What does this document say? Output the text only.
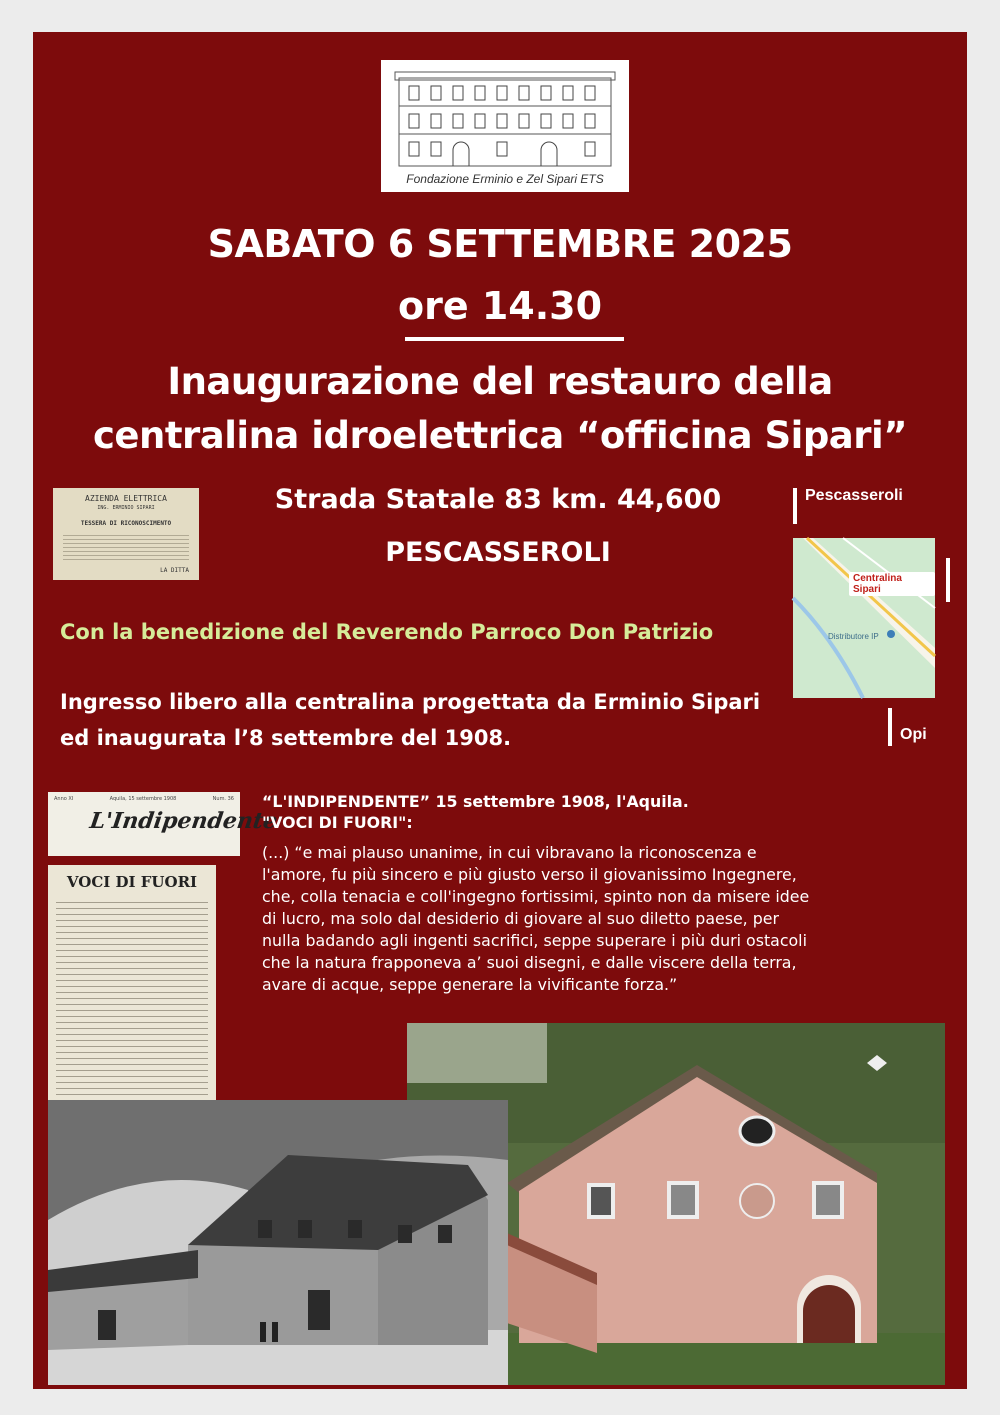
Fondazione Erminio e Zel Sipari ETS
SABATO 6 SETTEMBRE 2025
ore 14.30
Inaugurazione del restauro della
centralina idroelettrica “officina Sipari”
Strada Statale 83 km. 44,600
PESCASSEROLI
AZIENDA ELETTRICA
ING. ERMINIO SIPARI
TESSERA DI RICONOSCIMENTO
LA DITTA
Pescasseroli
Centralina Sipari
Distributore IP
Opi
Con la benedizione del Reverendo Parroco Don Patrizio
Ingresso libero alla centralina progettata da Erminio Sipari
ed inaugurata l’8 settembre del 1908.
Anno XI	Aquila, 15 settembre 1908	Num. 36
L'Indipendente
VOCI DI FUORI
“L'INDIPENDENTE” 15 settembre 1908, l'Aquila.
"VOCI DI FUORI":
(...) “e mai plauso unanime, in cui vibravano la riconoscenza e
l'amore, fu più sincero e più giusto verso il giovanissimo Ingegnere,
che, colla tenacia e coll'ingegno fortissimi, spinto non da misere idee
di lucro, ma solo dal desiderio di giovare al suo diletto paese, per
nulla badando agli ingenti sacrifici, seppe superare i più duri ostacoli
che la natura frapponeva a’ suoi disegni, e dalle viscere della terra,
avare di acque, seppe generare la vivificante forza.”
